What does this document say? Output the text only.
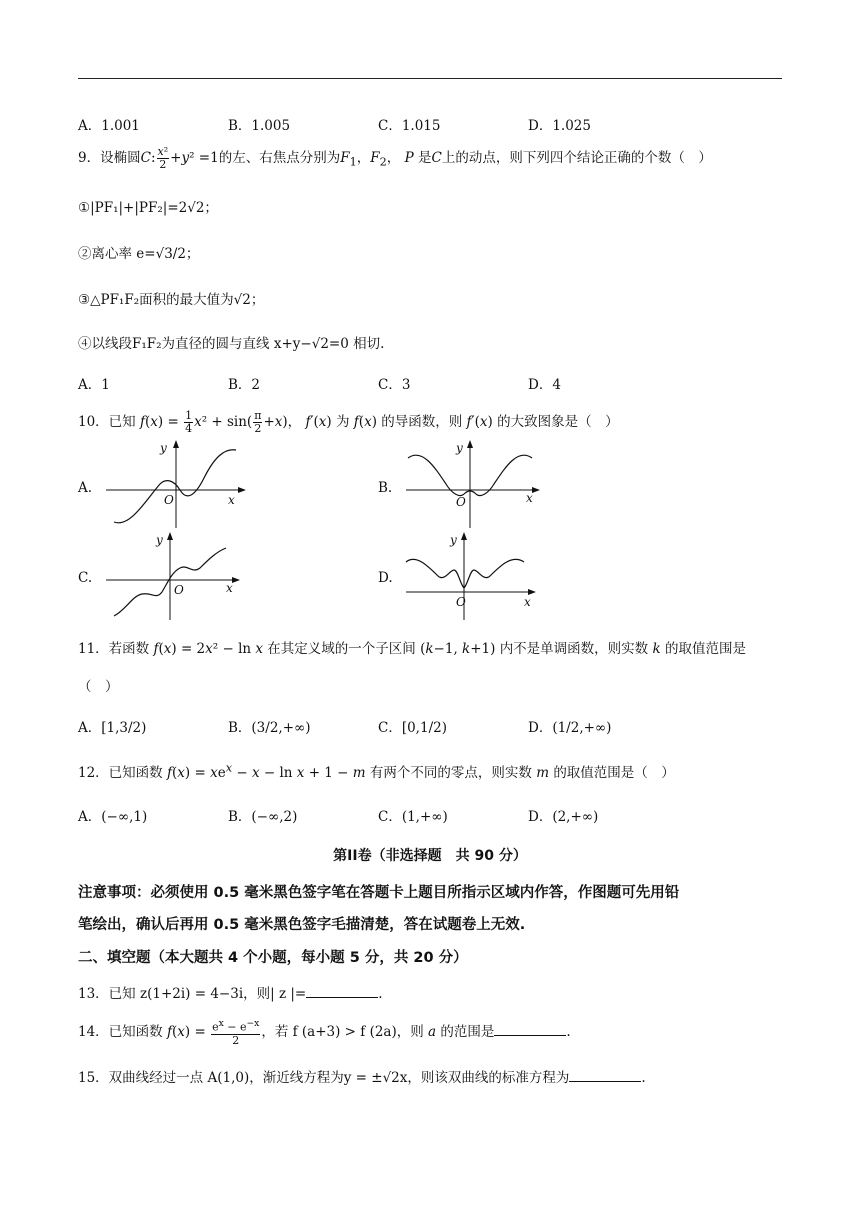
A．1.001	B．1.005	C．1.015	D．1.025
9．设椭圆C: $\frac{\text{x²}}{2} +y^2 =1$的左、右焦点分别为$F_1$，$F_2$， P 是C上的动点，则下列四个结论正确的个数（　）
①|PF₁|+|PF₂|=2√2；
②离心率 e=√3/2；
③△PF₁F₂面积的最大值为√2；
④以线段F₁F₂为直径的圆与直线 x+y−√2=0 相切.
A．1	B．2	C．3	D．4
10．已知 $f(x) = \frac{1}{4} x^2 + \sin( \frac{\pi}{2} +x)$， f′(x) 为 f(x) 的导函数，则 f′(x) 的大致图象是（　）
A.
y
x
O
B.
y
x
O
C.
y
x
O
D.
y
x
O
11．若函数 f(x) = 2x² − ln x 在其定义域的一个子区间 (k−1, k+1) 内不是单调函数，则实数 k 的取值范围是
（　）
A．[1,3/2)	B．(3/2,+∞)	C．[0,1/2)	D．(1/2,+∞)
12．已知函数 $f(x) = xe^x - x - \ln x + 1 - m$ 有两个不同的零点，则实数 m 的取值范围是（　）
A．(−∞,1)	B．(−∞,2)	C．(1,+∞)	D．(2,+∞)
第II卷（非选择题　共 90 分）
注意事项：必须使用 0.5 毫米黑色签字笔在答题卡上题目所指示区域内作答，作图题可先用铅
笔绘出，确认后再用 0.5 毫米黑色签字毛描清楚，答在试题卷上无效.
二、填空题（本大题共 4 个小题，每小题 5 分，共 20 分）
13．已知 z(1+2i) = 4−3i，则| z |=	.
14．已知函数 $f(x) = \frac{e^x - e^{-x}}{2}$ ，若 f (a+3) > f (2a)，则 a 的范围是	.
15．双曲线经过一点 A(1,0)，渐近线方程为y = ±√2x，则该双曲线的标准方程为	.
